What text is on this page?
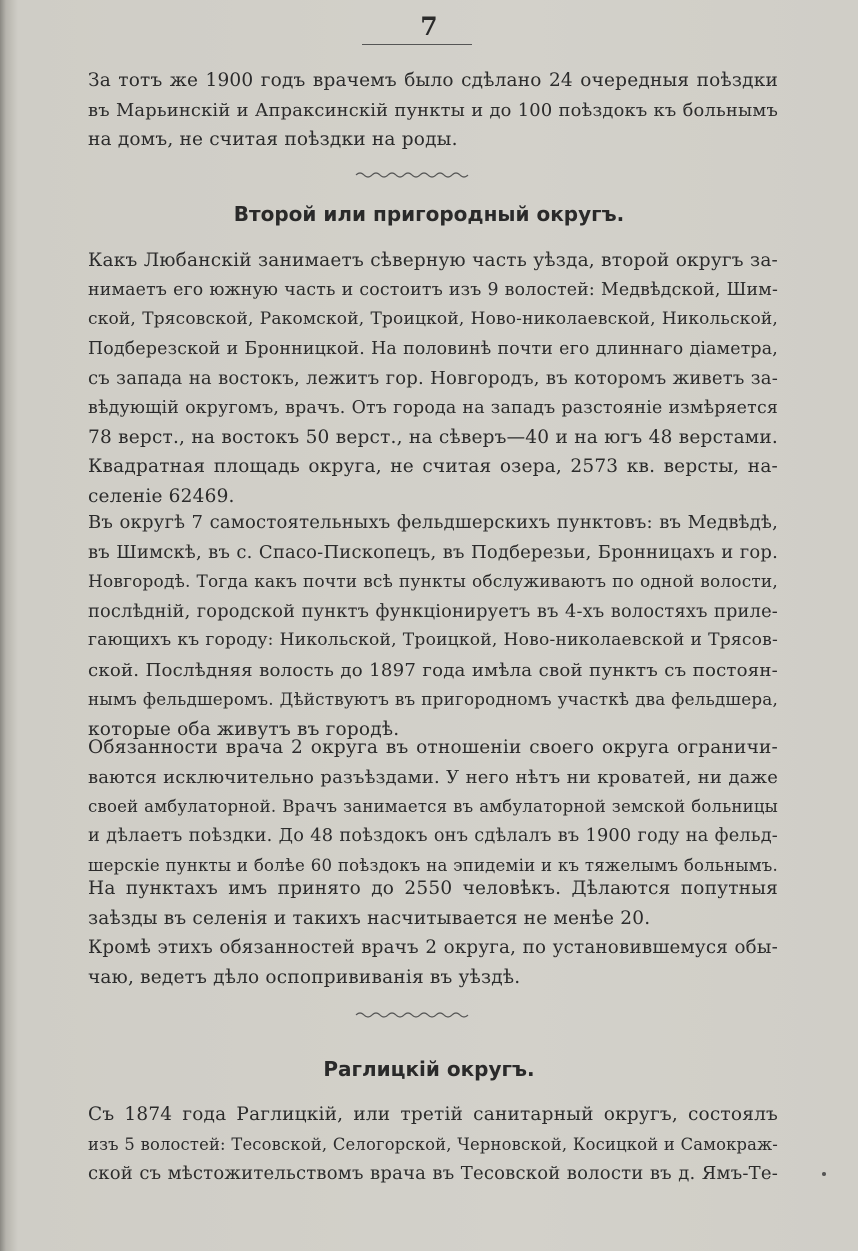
7
За тотъ же 1900 годъ врачемъ было сдѣлано 24 очередныя поѣздки
въ Марьинскій и Апраксинскій пункты и до 100 поѣздокъ къ больнымъ
на домъ, не считая поѣздки на роды.
Второй или пригородный округъ.
Какъ Любанскій занимаетъ сѣверную часть уѣзда, второй округъ за-
нимаетъ его южную часть и состоитъ изъ 9 волостей: Медвѣдской, Шим-
ской, Трясовской, Ракомской, Троицкой, Ново-николаевской, Никольской,
Подберезской и Бронницкой. На половинѣ почти его длиннаго діаметра,
съ запада на востокъ, лежитъ гор. Новгородъ, въ которомъ живетъ за-
вѣдующій округомъ, врачъ. Отъ города на западъ разстояніе измѣряется
78 верст., на востокъ 50 верст., на сѣверъ—40 и на югъ 48 верстами.
Квадратная площадь округа, не считая озера, 2573 кв. версты, на-
селеніе 62469.
Въ округѣ 7 самостоятельныхъ фельдшерскихъ пунктовъ: въ Медвѣдѣ,
въ Шимскѣ, въ с. Спасо-Пископецъ, въ Подберезьи, Бронницахъ и гор.
Новгородѣ. Тогда какъ почти всѣ пункты обслуживаютъ по одной волости,
послѣдній, городской пунктъ функціонируетъ въ 4-хъ волостяхъ приле-
гающихъ къ городу: Никольской, Троицкой, Ново-николаевской и Трясов-
ской. Послѣдняя волость до 1897 года имѣла свой пунктъ съ постоян-
нымъ фельдшеромъ. Дѣйствуютъ въ пригородномъ участкѣ два фельдшера,
которые оба живутъ въ городѣ.
Обязанности врача 2 округа въ отношеніи своего округа ограничи-
ваются исключительно разъѣздами. У него нѣтъ ни кроватей, ни даже
своей амбулаторной. Врачъ занимается въ амбулаторной земской больницы
и дѣлаетъ поѣздки. До 48 поѣздокъ онъ сдѣлалъ въ 1900 году на фельд-
шерскіе пункты и болѣе 60 поѣздокъ на эпидеміи и къ тяжелымъ больнымъ.
На пунктахъ имъ принято до 2550 человѣкъ. Дѣлаются попутныя
заѣзды въ селенія и такихъ насчитывается не менѣе 20.
Кромѣ этихъ обязанностей врачъ 2 округа, по установившемуся обы-
чаю, ведетъ дѣло оспопрививанія въ уѣздѣ.
Раглицкій округъ.
Съ 1874 года Раглицкій, или третій санитарный округъ, состоялъ
изъ 5 волостей: Тесовской, Селогорской, Черновской, Косицкой и Самокраж-
ской съ мѣстожительствомъ врача въ Тесовской волости въ д. Ямъ-Те-
